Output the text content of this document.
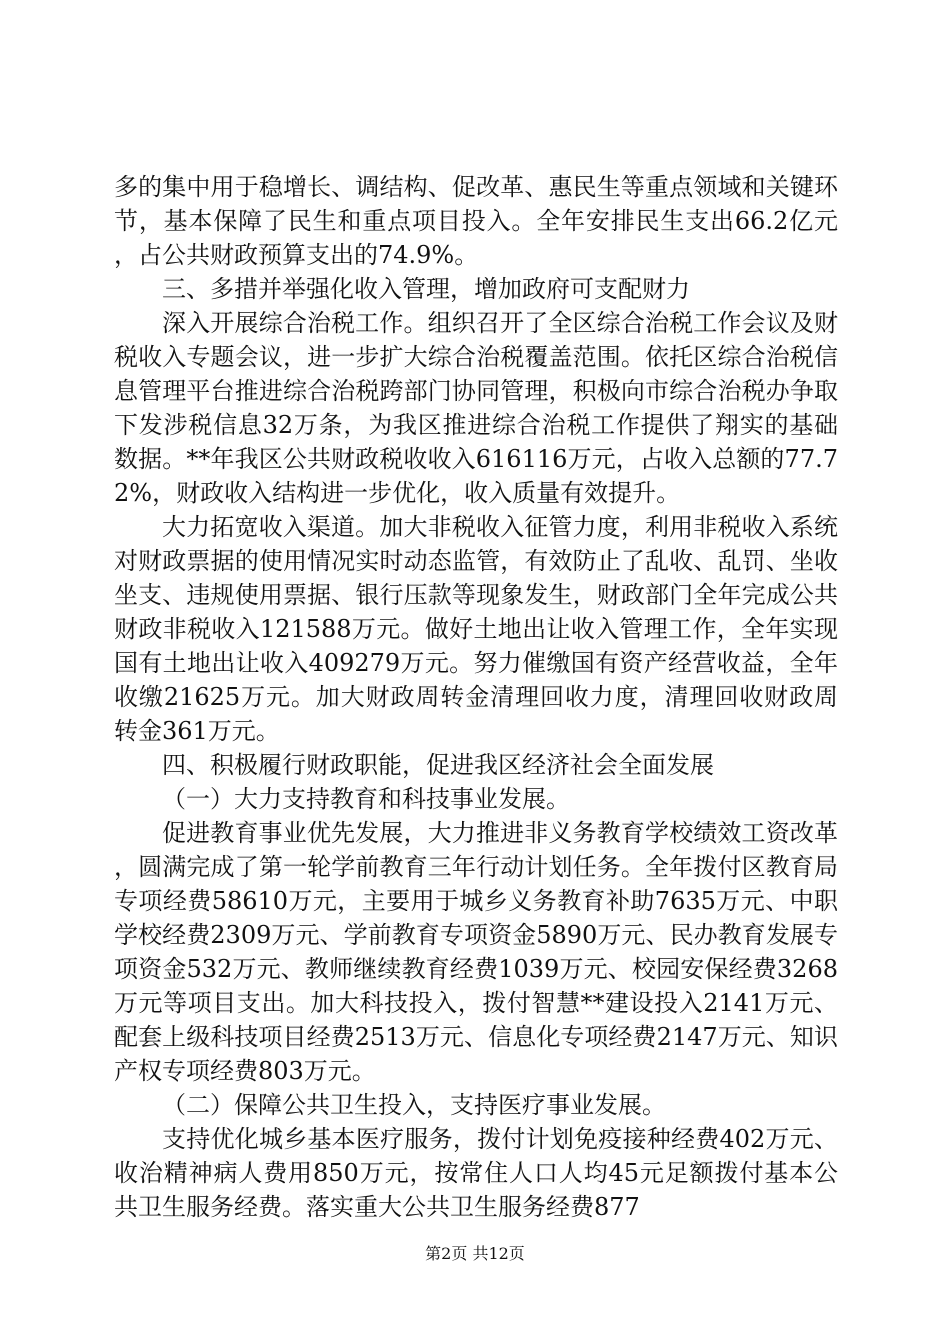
多的集中用于稳增长、调结构、促改革、惠民生等重点领域和关键环节，基本保障了民生和重点项目投入。全年安排民生支出66.2亿元，占公共财政预算支出的74.9%。

三、多措并举强化收入管理，增加政府可支配财力

深入开展综合治税工作。组织召开了全区综合治税工作会议及财税收入专题会议，进一步扩大综合治税覆盖范围。依托区综合治税信息管理平台推进综合治税跨部门协同管理，积极向市综合治税办争取下发涉税信息32万条，为我区推进综合治税工作提供了翔实的基础数据。**年我区公共财政税收收入616116万元，占收入总额的77.72%，财政收入结构进一步优化，收入质量有效提升。

大力拓宽收入渠道。加大非税收入征管力度，利用非税收入系统对财政票据的使用情况实时动态监管，有效防止了乱收、乱罚、坐收坐支、违规使用票据、银行压款等现象发生，财政部门全年完成公共财政非税收入121588万元。做好土地出让收入管理工作，全年实现国有土地出让收入409279万元。努力催缴国有资产经营收益，全年收缴21625万元。加大财政周转金清理回收力度，清理回收财政周转金361万元。

四、积极履行财政职能，促进我区经济社会全面发展

（一）大力支持教育和科技事业发展。

促进教育事业优先发展，大力推进非义务教育学校绩效工资改革，圆满完成了第一轮学前教育三年行动计划任务。全年拨付区教育局专项经费58610万元，主要用于城乡义务教育补助7635万元、中职学校经费2309万元、学前教育专项资金5890万元、民办教育发展专项资金532万元、教师继续教育经费1039万元、校园安保经费3268万元等项目支出。加大科技投入，拨付智慧**建设投入2141万元、配套上级科技项目经费2513万元、信息化专项经费2147万元、知识产权专项经费803万元。

（二）保障公共卫生投入，支持医疗事业发展。

支持优化城乡基本医疗服务，拨付计划免疫接种经费402万元、收治精神病人费用850万元，按常住人口人均45元足额拨付基本公共卫生服务经费。落实重大公共卫生服务经费877

第2页 共12页
